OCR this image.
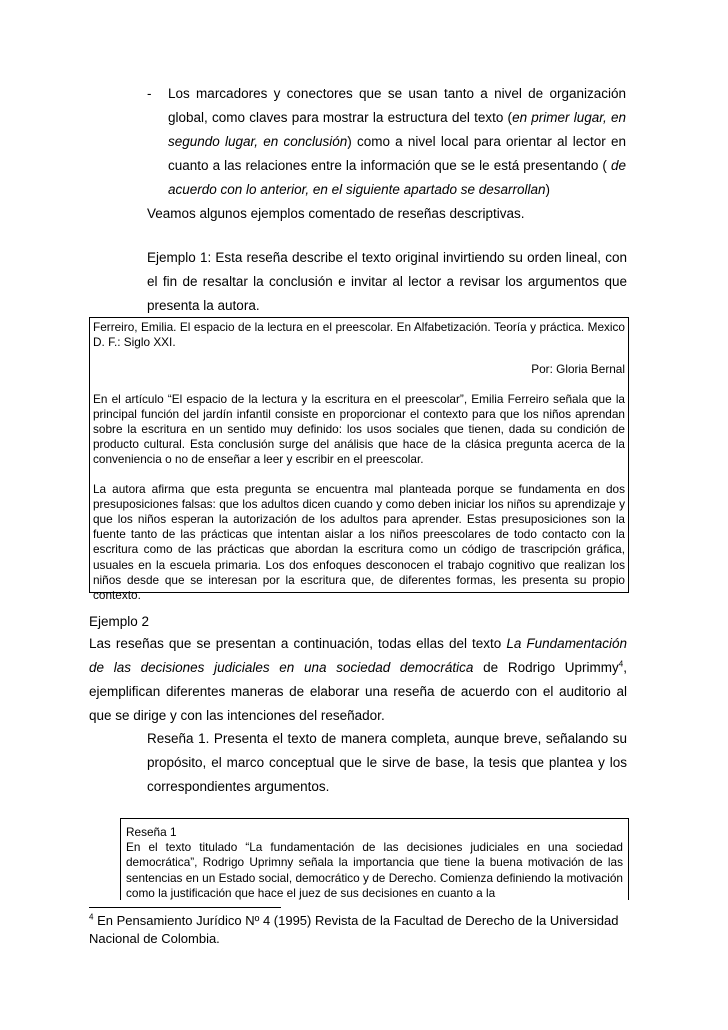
- Los marcadores y conectores que se usan tanto a nivel de organización global, como claves para mostrar la estructura del texto (en primer lugar, en segundo lugar, en conclusión) como a nivel local para orientar al lector en cuanto a las relaciones entre la información que se le está presentando ( de acuerdo con lo anterior, en el siguiente apartado se desarrollan)
Veamos algunos ejemplos comentado de reseñas descriptivas.
Ejemplo 1: Esta reseña describe el texto original invirtiendo su orden lineal, con el fin de resaltar la conclusión e invitar al lector a revisar los argumentos que presenta la autora.
Ferreiro, Emilia. El espacio de la lectura en el preescolar. En Alfabetización. Teoría y práctica. Mexico D. F.: Siglo XXI.
Por: Gloria Bernal
En el artículo “El espacio de la lectura y la escritura en el preescolar”, Emilia Ferreiro señala que la principal función del jardín infantil consiste en proporcionar el contexto para que los niños aprendan sobre la escritura en un sentido muy definido: los usos sociales que tienen, dada su condición de producto cultural. Esta conclusión surge del análisis que hace de la clásica pregunta acerca de la conveniencia o no de enseñar a leer y escribir en el preescolar.
La autora afirma que esta pregunta se encuentra mal planteada porque se fundamenta en dos presuposiciones falsas: que los adultos dicen cuando y como deben iniciar los niños su aprendizaje y que los niños esperan la autorización de los adultos para aprender. Estas presuposiciones son la fuente tanto de las prácticas que intentan aislar a los niños preescolares de todo contacto con la escritura como de las prácticas que abordan la escritura como un código de trascripción gráfica, usuales en la escuela primaria. Los dos enfoques desconocen el trabajo cognitivo que realizan los niños desde que se interesan por la escritura que, de diferentes formas, les presenta su propio contexto.
Ejemplo 2
Las reseñas que se presentan a continuación, todas ellas del texto La Fundamentación de las decisiones judiciales en una sociedad democrática de Rodrigo Uprimmy$^4$, ejemplifican diferentes maneras de elaborar una reseña de acuerdo con el auditorio al que se dirige y con las intenciones del reseñador.
Reseña 1. Presenta el texto de manera completa, aunque breve, señalando su propósito, el marco conceptual que le sirve de base, la tesis que plantea y los correspondientes argumentos.
Reseña 1
En el texto titulado “La fundamentación de las decisiones judiciales en una sociedad democrática”, Rodrigo Uprimny señala la importancia que tiene la buena motivación de las sentencias en un Estado social, democrático y de Derecho. Comienza definiendo la motivación como la justificación que hace el juez de sus decisiones en cuanto a la
$^4$ En Pensamiento Jurídico Nº 4 (1995) Revista de la Facultad de Derecho de la Universidad Nacional de Colombia.
